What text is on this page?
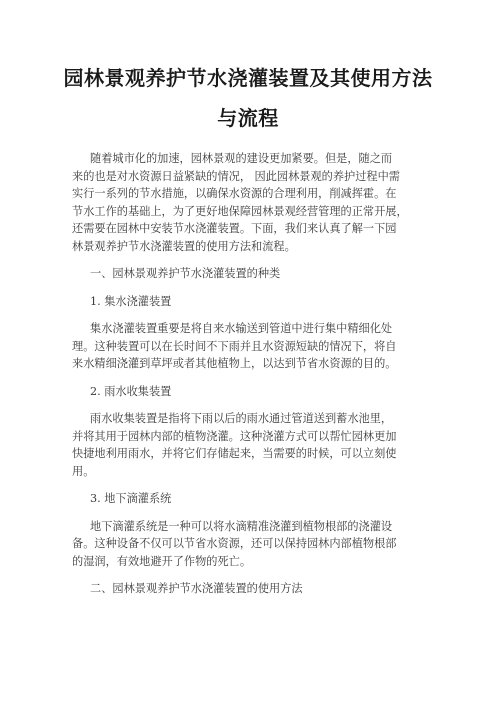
园林景观养护节水浇灌装置及其使用方法
与流程
随着城市化的加速，园林景观的建设更加紧要。但是，随之而
来的也是对水资源日益紧缺的情况， 因此园林景观的养护过程中需
实行一系列的节水措施，以确保水资源的合理利用，削减挥霍。在
节水工作的基础上，为了更好地保障园林景观经营管理的正常开展，
还需要在园林中安装节水浇灌装置。下面，我们来认真了解一下园
林景观养护节水浇灌装置的使用方法和流程。
一、园林景观养护节水浇灌装置的种类
1. 集水浇灌装置
集水浇灌装置重要是将自来水输送到管道中进行集中精细化处
理。这种装置可以在长时间不下雨并且水资源短缺的情况下，将自
来水精细浇灌到草坪或者其他植物上，以达到节省水资源的目的。
2. 雨水收集装置
雨水收集装置是指将下雨以后的雨水通过管道送到蓄水池里，
并将其用于园林内部的植物浇灌。这种浇灌方式可以帮忙园林更加
快捷地利用雨水，并将它们存储起来，当需要的时候，可以立刻使
用。
3. 地下滴灌系统
地下滴灌系统是一种可以将水滴精准浇灌到植物根部的浇灌设
备。这种设备不仅可以节省水资源，还可以保持园林内部植物根部
的湿润，有效地避开了作物的死亡。
二、园林景观养护节水浇灌装置的使用方法
